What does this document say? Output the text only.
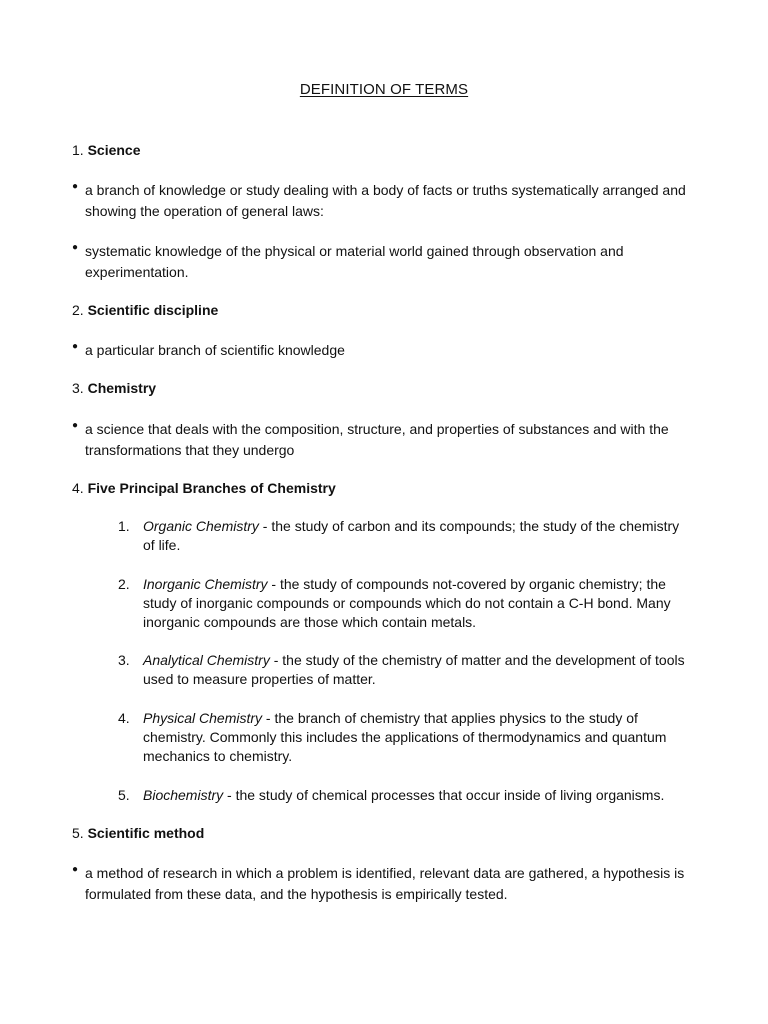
DEFINITION OF TERMS
1. Science
● a branch of knowledge or study dealing with a body of facts or truths systematically arranged and showing the operation of general laws:
● systematic knowledge of the physical or material world gained through observation and experimentation.
2. Scientific discipline
● a particular branch of scientific knowledge
3. Chemistry
● a science that deals with the composition, structure, and properties of substances and with the transformations that they undergo
4. Five Principal Branches of Chemistry
1. Organic Chemistry - the study of carbon and its compounds; the study of the chemistry of life.
2. Inorganic Chemistry - the study of compounds not-covered by organic chemistry; the study of inorganic compounds or compounds which do not contain a C-H bond. Many inorganic compounds are those which contain metals.
3. Analytical Chemistry - the study of the chemistry of matter and the development of tools used to measure properties of matter.
4. Physical Chemistry - the branch of chemistry that applies physics to the study of chemistry. Commonly this includes the applications of thermodynamics and quantum mechanics to chemistry.
5. Biochemistry - the study of chemical processes that occur inside of living organisms.
5. Scientific method
● a method of research in which a problem is identified, relevant data are gathered, a hypothesis is formulated from these data, and the hypothesis is empirically tested.
